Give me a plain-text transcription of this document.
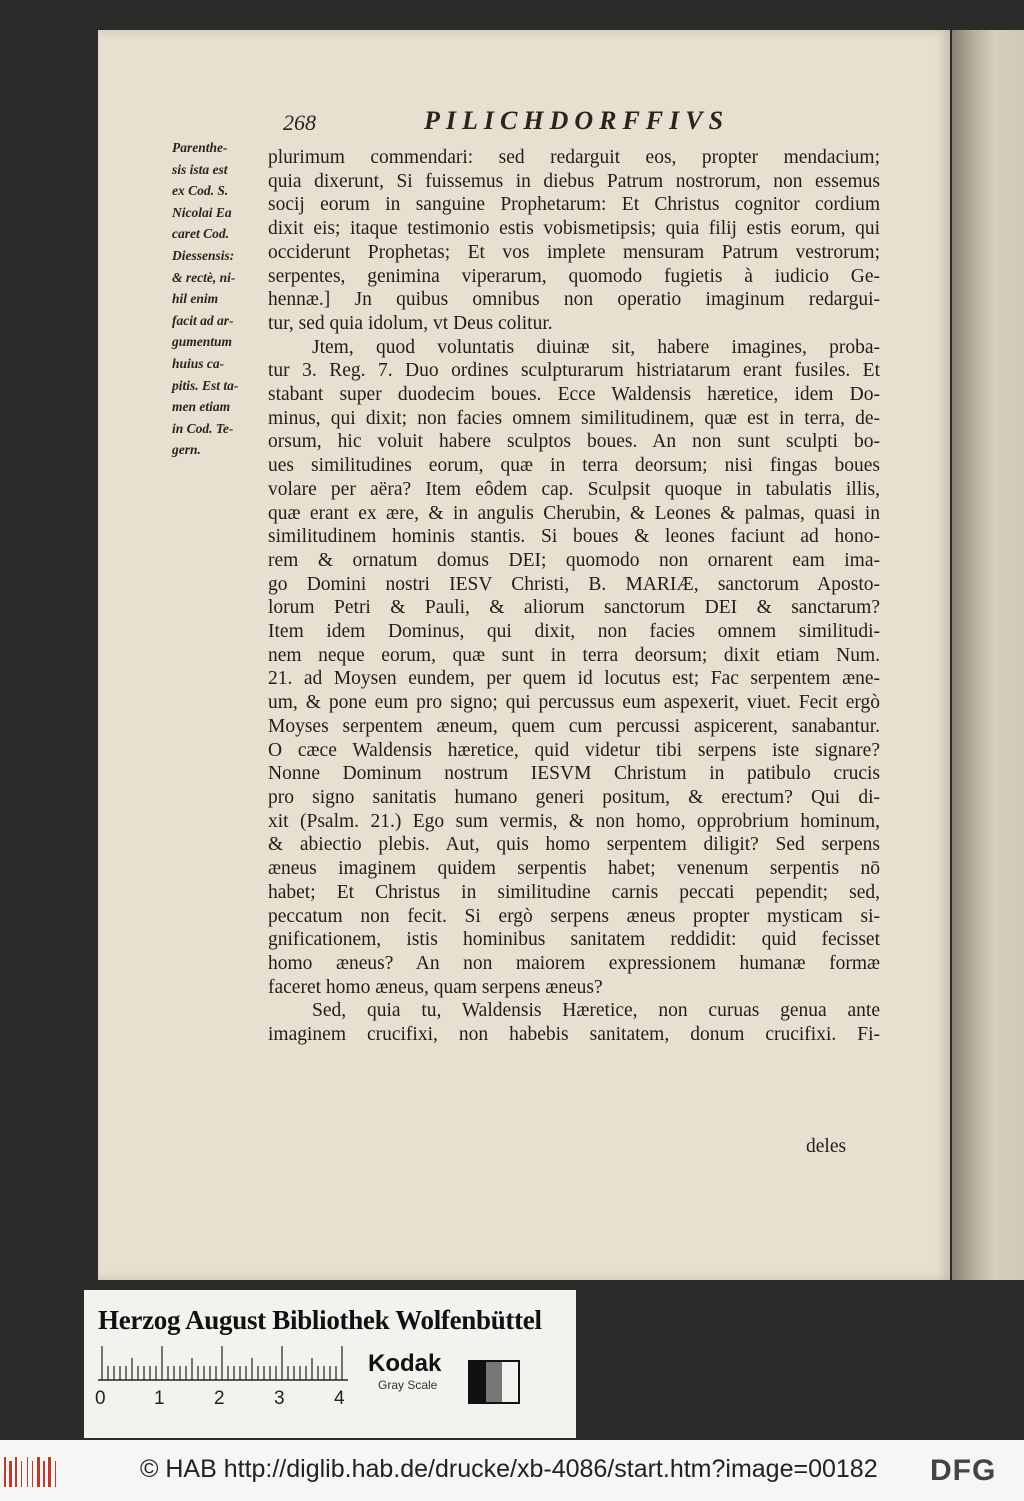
268	PILICHDORFFIVS
Parenthe-
sis ista est
ex Cod. S.
Nicolai Ea
caret Cod.
Diessensis:
& rectè, ni-
hil enim
facit ad ar-
gumentum
huius ca-
pitis. Est ta-
men etiam
in Cod. Te-
gern.
plurimum commendari: sed redarguit eos, propter mendacium;
quia dixerunt, Si fuissemus in diebus Patrum nostrorum, non essemus
socij eorum in sanguine Prophetarum: Et Christus cognitor cordium
dixit eis; itaque testimonio estis vobismetipsis; quia filij estis eorum, qui
occiderunt Prophetas; Et vos implete mensuram Patrum vestrorum;
serpentes, genimina viperarum, quomodo fugietis à iudicio Ge-
hennæ.] Jn quibus omnibus non operatio imaginum redargui-
tur, sed quia idolum, vt Deus colitur.
Jtem, quod voluntatis diuinæ sit, habere imagines, proba-
tur 3. Reg. 7. Duo ordines sculpturarum histriatarum erant fusiles. Et
stabant super duodecim boues. Ecce Waldensis hæretice, idem Do-
minus, qui dixit; non facies omnem similitudinem, quæ est in terra, de-
orsum, hic voluit habere sculptos boues. An non sunt sculpti bo-
ues similitudines eorum, quæ in terra deorsum; nisi fingas boues
volare per aëra? Item eôdem cap. Sculpsit quoque in tabulatis illis,
quæ erant ex ære, & in angulis Cherubin, & Leones & palmas, quasi in
similitudinem hominis stantis. Si boues & leones faciunt ad hono-
rem & ornatum domus DEI; quomodo non ornarent eam ima-
go Domini nostri IESV Christi, B. MARIÆ, sanctorum Aposto-
lorum Petri & Pauli, & aliorum sanctorum DEI & sanctarum?
Item idem Dominus, qui dixit, non facies omnem similitudi-
nem neque eorum, quæ sunt in terra deorsum; dixit etiam Num.
21. ad Moysen eundem, per quem id locutus est; Fac serpentem æne-
um, & pone eum pro signo; qui percussus eum aspexerit, viuet. Fecit ergò
Moyses serpentem æneum, quem cum percussi aspicerent, sanabantur.
O cæce Waldensis hæretice, quid videtur tibi serpens iste signare?
Nonne Dominum nostrum IESVM Christum in patibulo crucis
pro signo sanitatis humano generi positum, & erectum? Qui di-
xit (Psalm. 21.) Ego sum vermis, & non homo, opprobrium hominum,
& abiectio plebis. Aut, quis homo serpentem diligit? Sed serpens
æneus imaginem quidem serpentis habet; venenum serpentis nō
habet; Et Christus in similitudine carnis peccati pependit; sed,
peccatum non fecit. Si ergò serpens æneus propter mysticam si-
gnificationem, istis hominibus sanitatem reddidit: quid fecisset
homo æneus? An non maiorem expressionem humanæ formæ
faceret homo æneus, quam serpens æneus?
Sed, quia tu, Waldensis Hæretice, non curuas genua ante
imaginem crucifixi, non habebis sanitatem, donum crucifixi. Fi-
deles
Herzog August Bibliothek Wolfenbüttel
0	1	2	3	4
Kodak
Gray Scale
© HAB http://diglib.hab.de/drucke/xb-4086/start.htm?image=00182 DFG
